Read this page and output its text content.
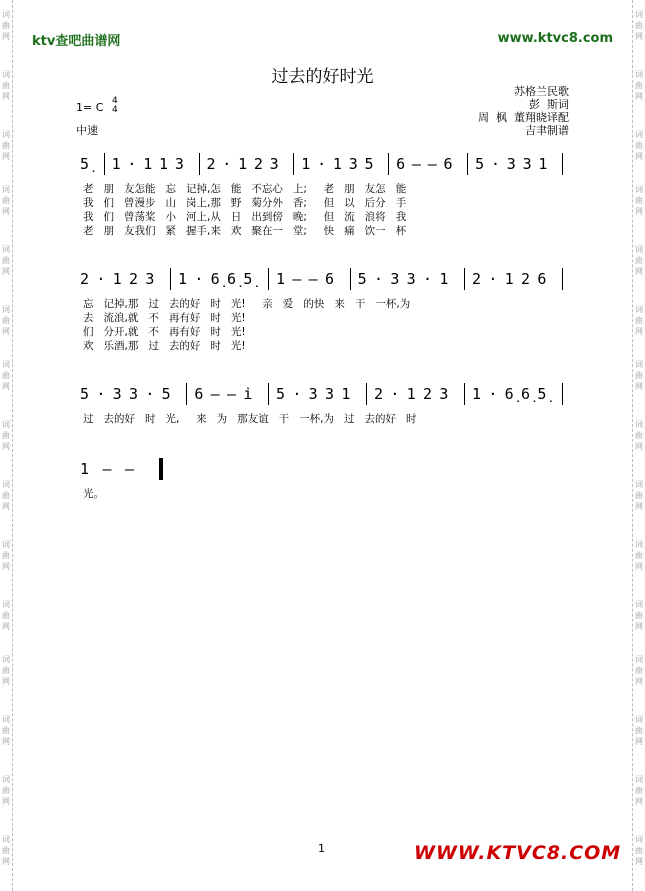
词
曲
网
词
曲
网
词
曲
网
词
曲
网
词
曲
网
词
曲
网
词
曲
网
词
曲
网
词
曲
网
词
曲
网
词
曲
网
词
曲
网
词
曲
网
词
曲
网
词
曲
网
词
曲
网
词
曲
网
词
曲
网
词
曲
网
词
曲
网
词
曲
网
词
曲
网
词
曲
网
词
曲
网
词
曲
网
词
曲
网
词
曲
网
词
曲
网
词
曲
网
词
曲
网
ktv查吧曲谱网	www.ktvc8.com
过去的好时光
苏格兰民歌
彭  斯词
周  枫  董翔晓译配
吉聿制谱
1= C 4
4
中速
5̣ 1 · 1 1 3 2 · 1 2 3 1 · 1 3 5 6 — — 6 5 · 3 3 1
老   朋   友怎能   忘   记掉,怎   能   不忘心   上;     老   朋   友怎   能
我   们   曾漫步   山   岗上,那   野   菊分外   香;     但   以   后分   手
我   们   曾荡桨   小   河上,从   日   出到傍   晚;     但   流   浪将   我
老   朋   友我们   紧   握手,来   欢   聚在一   堂;     快   痛   饮一   杯
2 · 1 2 3 1 · 6̣ 6̣ 5̣ 1 — — 6 5 · 3 3 · 1 2 · 1 2 6
忘   记掉,那   过   去的好   时   光!     亲   爱   的快   来   干   一杯,为
去   流浪,就   不   再有好   时   光!
们   分开,就   不   再有好   时   光!
欢   乐酒,那   过   去的好   时   光!
5 · 3 3 · 5 6 — — i 5 · 3 3 1 2 · 1 2 3 1 · 6̣ 6̣ 5̣
过   去的好   时   光,     来   为   那友谊   干   一杯,为   过   去的好   时
1 — —
光。
1	WWW.KTVC8.COM
